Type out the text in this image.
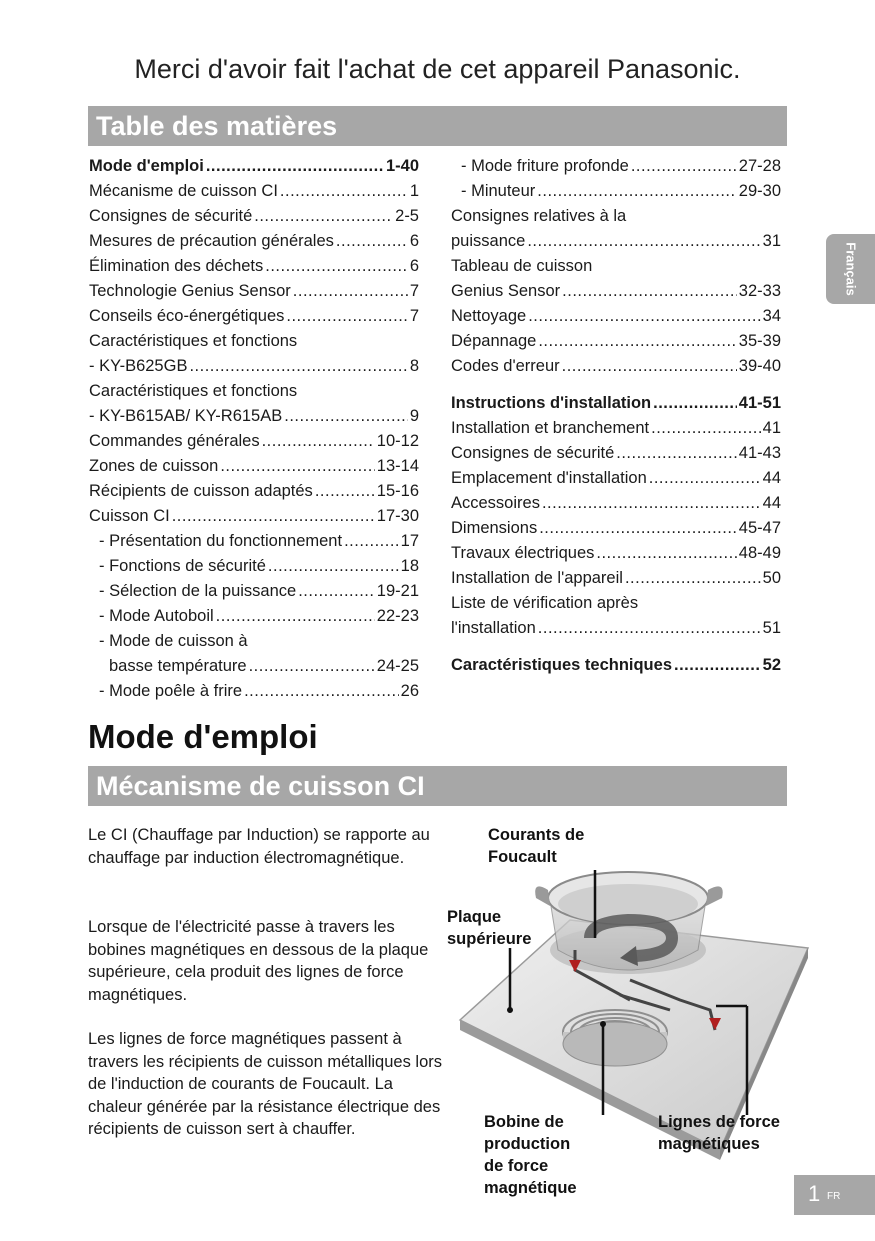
Merci d'avoir fait l'achat de cet appareil Panasonic.
Table des matières
Mode d'emploi .....	1-40
Mécanisme de cuisson CI .....	1
Consignes de sécurité .....	2-5
Mesures de précaution générales .....	6
Élimination des déchets .....	6
Technologie Genius Sensor .....	7
Conseils éco-énergétiques .....	7
Caractéristiques et fonctions
- KY-B625GB .....	8
Caractéristiques et fonctions
- KY-B615AB/ KY-R615AB .....	9
Commandes générales .....	10-12
Zones de cuisson .....	13-14
Récipients de cuisson adaptés .....	15-16
Cuisson CI .....	17-30
- Présentation du fonctionnement .....	17
- Fonctions de sécurité .....	18
- Sélection de la puissance .....	19-21
- Mode Autoboil .....	22-23
- Mode de cuisson à
basse température .....	24-25
- Mode poêle à frire .....	26
- Mode friture profonde .....	27-28
- Minuteur .....	29-30
Consignes relatives à la
puissance .....	31
Tableau de cuisson
Genius Sensor .....	32-33
Nettoyage .....	34
Dépannage .....	35-39
Codes d'erreur .....	39-40
Instructions d'installation .....	41-51
Installation et branchement .....	41
Consignes de sécurité .....	41-43
Emplacement d'installation .....	44
Accessoires .....	44
Dimensions .....	45-47
Travaux électriques .....	48-49
Installation de l'appareil .....	50
Liste de vérification après
l'installation .....	51
Caractéristiques techniques .....	52
Français
Mode d'emploi
Mécanisme de cuisson CI
Le CI (Chauffage par Induction) se rapporte au chauffage par induction électromagnétique.
Lorsque de l'électricité passe à travers les bobines magnétiques en dessous de la plaque supérieure, cela produit des lignes de force magnétiques.
Les lignes de force magnétiques passent à travers les récipients de cuisson métalliques lors de l'induction de courants de Foucault. La chaleur générée par la résistance électrique des récipients de cuisson sert à chauffer.
Courants de
Foucault
Plaque
supérieure
Bobine de
production
de force
magnétique
Lignes de force
magnétiques
1 FR
